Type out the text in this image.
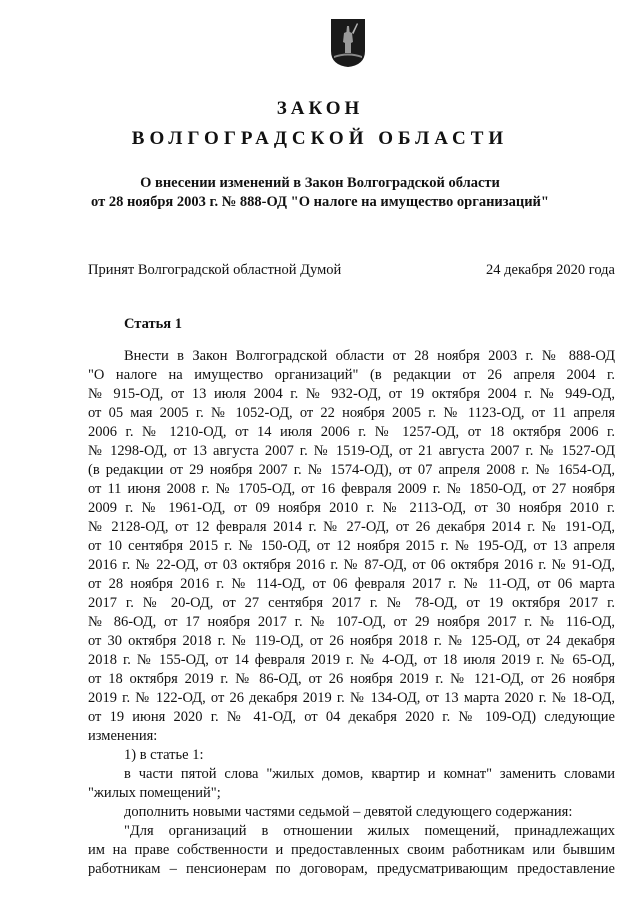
ЗАКОН
ВОЛГОГРАДСКОЙ ОБЛАСТИ
О внесении изменений в Закон Волгоградской области
от 28 ноября 2003 г. № 888-ОД "О налоге на имущество организаций"
Принят Волгоградской областной Думой	24 декабря 2020 года
Статья 1
Внести в Закон Волгоградской области от 28 ноября 2003 г. № 888-ОД
"О налоге на имущество организаций" (в редакции от 26 апреля 2004 г.
№ 915-ОД, от 13 июля 2004 г. № 932-ОД, от 19 октября 2004 г. № 949-ОД,
от 05 мая 2005 г. № 1052-ОД, от 22 ноября 2005 г. № 1123-ОД, от 11 апреля
2006 г. № 1210-ОД, от 14 июля 2006 г. № 1257-ОД, от 18 октября 2006 г.
№ 1298-ОД, от 13 августа 2007 г. № 1519-ОД, от 21 августа 2007 г. № 1527-ОД
(в редакции от 29 ноября 2007 г. № 1574-ОД), от 07 апреля 2008 г. № 1654-ОД,
от 11 июня 2008 г. № 1705-ОД, от 16 февраля 2009 г. № 1850-ОД, от 27 ноября
2009 г. № 1961-ОД, от 09 ноября 2010 г. № 2113-ОД, от 30 ноября 2010 г.
№ 2128-ОД, от 12 февраля 2014 г. № 27-ОД, от 26 декабря 2014 г. № 191-ОД,
от 10 сентября 2015 г. № 150-ОД, от 12 ноября 2015 г. № 195-ОД, от 13 апреля
2016 г. № 22-ОД, от 03 октября 2016 г. № 87-ОД, от 06 октября 2016 г. № 91-ОД,
от 28 ноября 2016 г. № 114-ОД, от 06 февраля 2017 г. № 11-ОД, от 06 марта
2017 г. № 20-ОД, от 27 сентября 2017 г. № 78-ОД, от 19 октября 2017 г.
№ 86-ОД, от 17 ноября 2017 г. № 107-ОД, от 29 ноября 2017 г. № 116-ОД,
от 30 октября 2018 г. № 119-ОД, от 26 ноября 2018 г. № 125-ОД, от 24 декабря
2018 г. № 155-ОД, от 14 февраля 2019 г. № 4-ОД, от 18 июля 2019 г. № 65-ОД,
от 18 октября 2019 г. № 86-ОД, от 26 ноября 2019 г. № 121-ОД, от 26 ноября
2019 г. № 122-ОД, от 26 декабря 2019 г. № 134-ОД, от 13 марта 2020 г. № 18-ОД,
от 19 июня 2020 г. № 41-ОД, от 04 декабря 2020 г. № 109-ОД) следующие
изменения:
1) в статье 1:
в части пятой слова "жилых домов, квартир и комнат" заменить словами
"жилых помещений";
дополнить новыми частями седьмой – девятой следующего содержания:
"Для организаций в отношении жилых помещений, принадлежащих
им на праве собственности и предоставленных своим работникам или бывшим
работникам – пенсионерам по договорам, предусматривающим предоставление
